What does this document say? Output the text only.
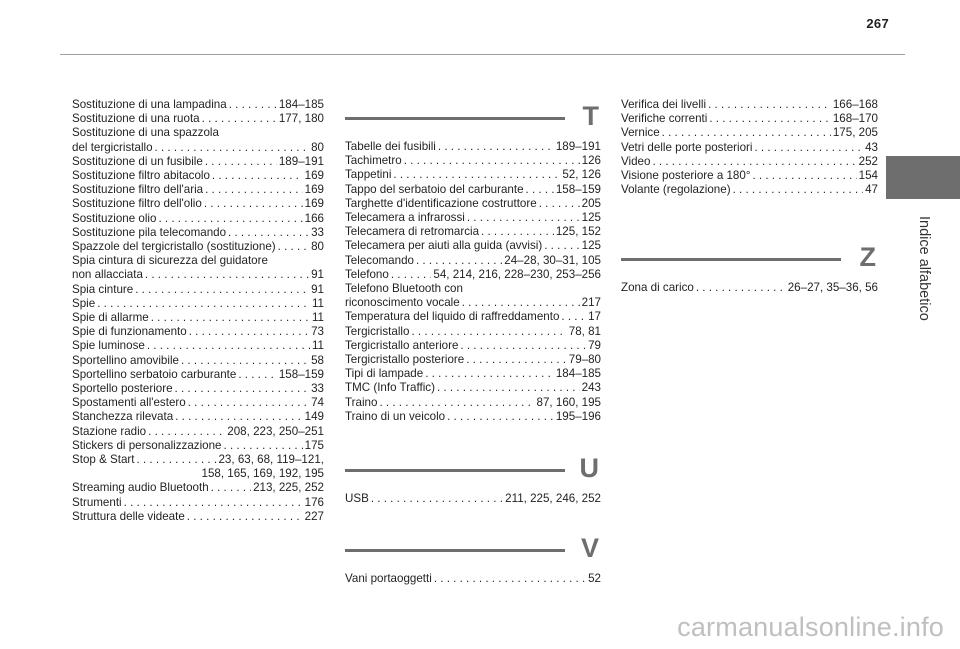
267
Indice alfabetico
Sostituzione di una lampadina . . .	184–185
Sostituzione di una ruota . . .	177, 180
Sostituzione di una spazzola
del tergicristallo . . .	80
Sostituzione di un fusibile . . .	189–191
Sostituzione filtro abitacolo . . .	169
Sostituzione filtro dell'aria . . .	169
Sostituzione filtro dell'olio . . .	169
Sostituzione olio . . .	166
Sostituzione pila telecomando . . .	33
Spazzole del tergicristallo (sostituzione) . . .	80
Spia cintura di sicurezza del guidatore
non allacciata . . .	91
Spia cinture . . .	91
Spie . . .	11
Spie di allarme . . .	11
Spie di funzionamento . . .	73
Spie luminose . . .	11
Sportellino amovibile . . .	58
Sportellino serbatoio carburante . . .	158–159
Sportello posteriore . . .	33
Spostamenti all'estero . . .	74
Stanchezza rilevata . . .	149
Stazione radio . . .	208, 223, 250–251
Stickers di personalizzazione . . .	175
Stop & Start . . .	23, 63, 68, 119–121,
158, 165, 169, 192, 195
Streaming audio Bluetooth . . .	213, 225, 252
Strumenti . . .	176
Struttura delle videate . . .	227
T
Tabelle dei fusibili . . .	189–191
Tachimetro . . .	126
Tappetini . . .	52, 126
Tappo del serbatoio del carburante . . .	158–159
Targhette d'identificazione costruttore . . .	205
Telecamera a infrarossi . . .	125
Telecamera di retromarcia . . .	125, 152
Telecamera per aiuti alla guida (avvisi) . . .	125
Telecomando . . .	24–28, 30–31, 105
Telefono . . .	54, 214, 216, 228–230, 253–256
Telefono Bluetooth con
riconoscimento vocale . . .	217
Temperatura del liquido di raffreddamento . . . 17
Tergicristallo . . .	78, 81
Tergicristallo anteriore . . .	79
Tergicristallo posteriore . . .	79–80
Tipi di lampade . . .	184–185
TMC (Info Traffic) . . .	243
Traino . . .	87, 160, 195
Traino di un veicolo . . .	195–196
U
USB . . .	211, 225, 246, 252
V
Vani portaoggetti . . .	52
Verifica dei livelli . . .	166–168
Verifiche correnti . . .	168–170
Vernice . . .	175, 205
Vetri delle porte posteriori . . .	43
Video . . .	252
Visione posteriore a 180° . . .	154
Volante (regolazione) . . .	47
Z
Zona di carico . . .	26–27, 35–36, 56
carmanualsonline.info
